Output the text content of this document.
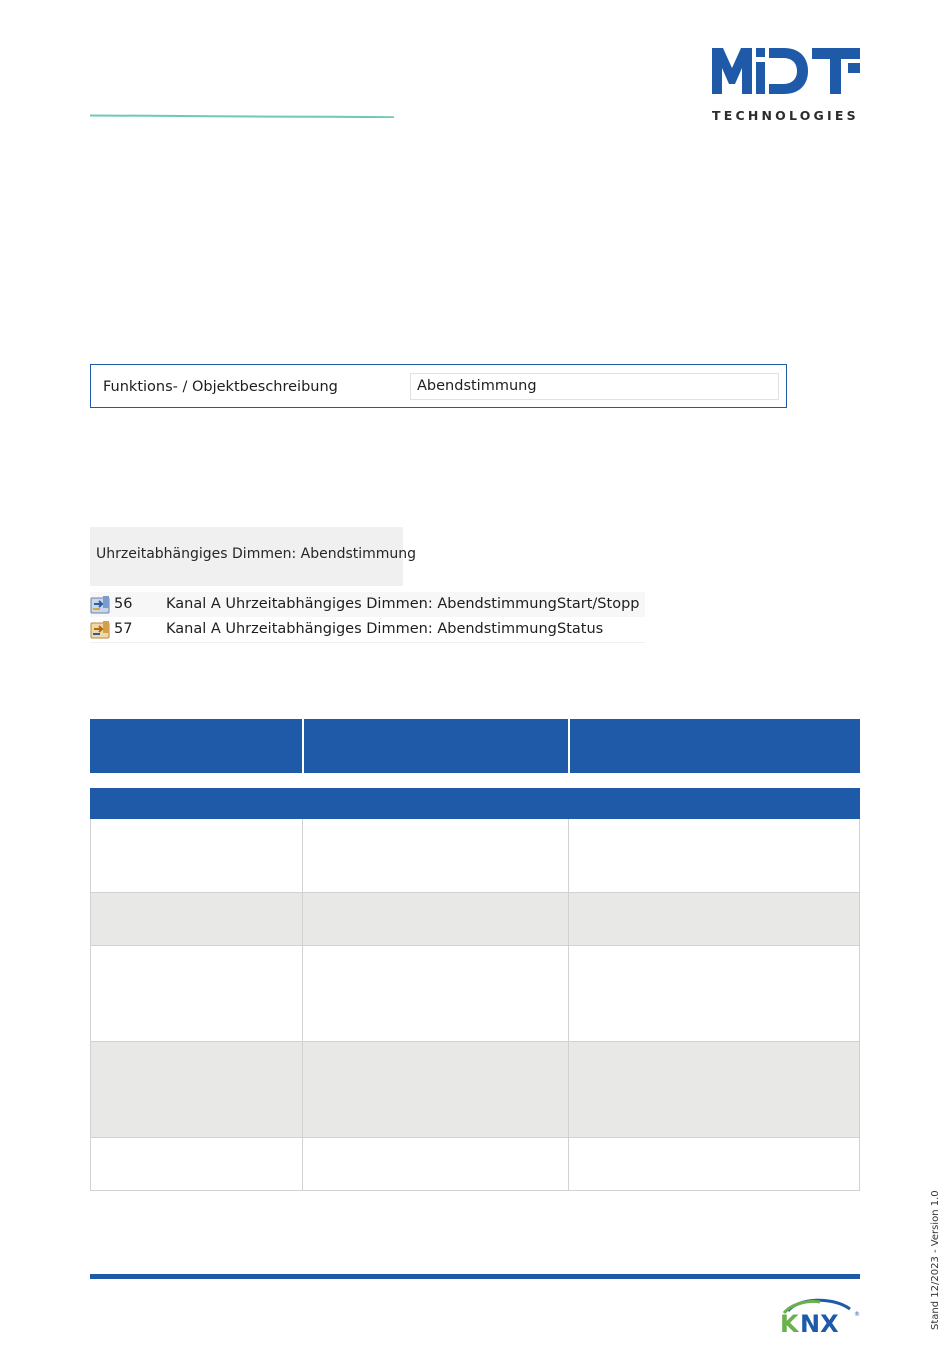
TECHNOLOGIES
Funktions- / Objektbeschreibung	Abendstimmung
Uhrzeitabhängiges Dimmen: Abendstimmung
56 Kanal A Uhrzeitabhängiges Dimmen: Abendstimmung Start/Stopp
57 Kanal A Uhrzeitabhängiges Dimmen: Abendstimmung Status
Stand 12/2023 - Version 1.0
K NX	®
